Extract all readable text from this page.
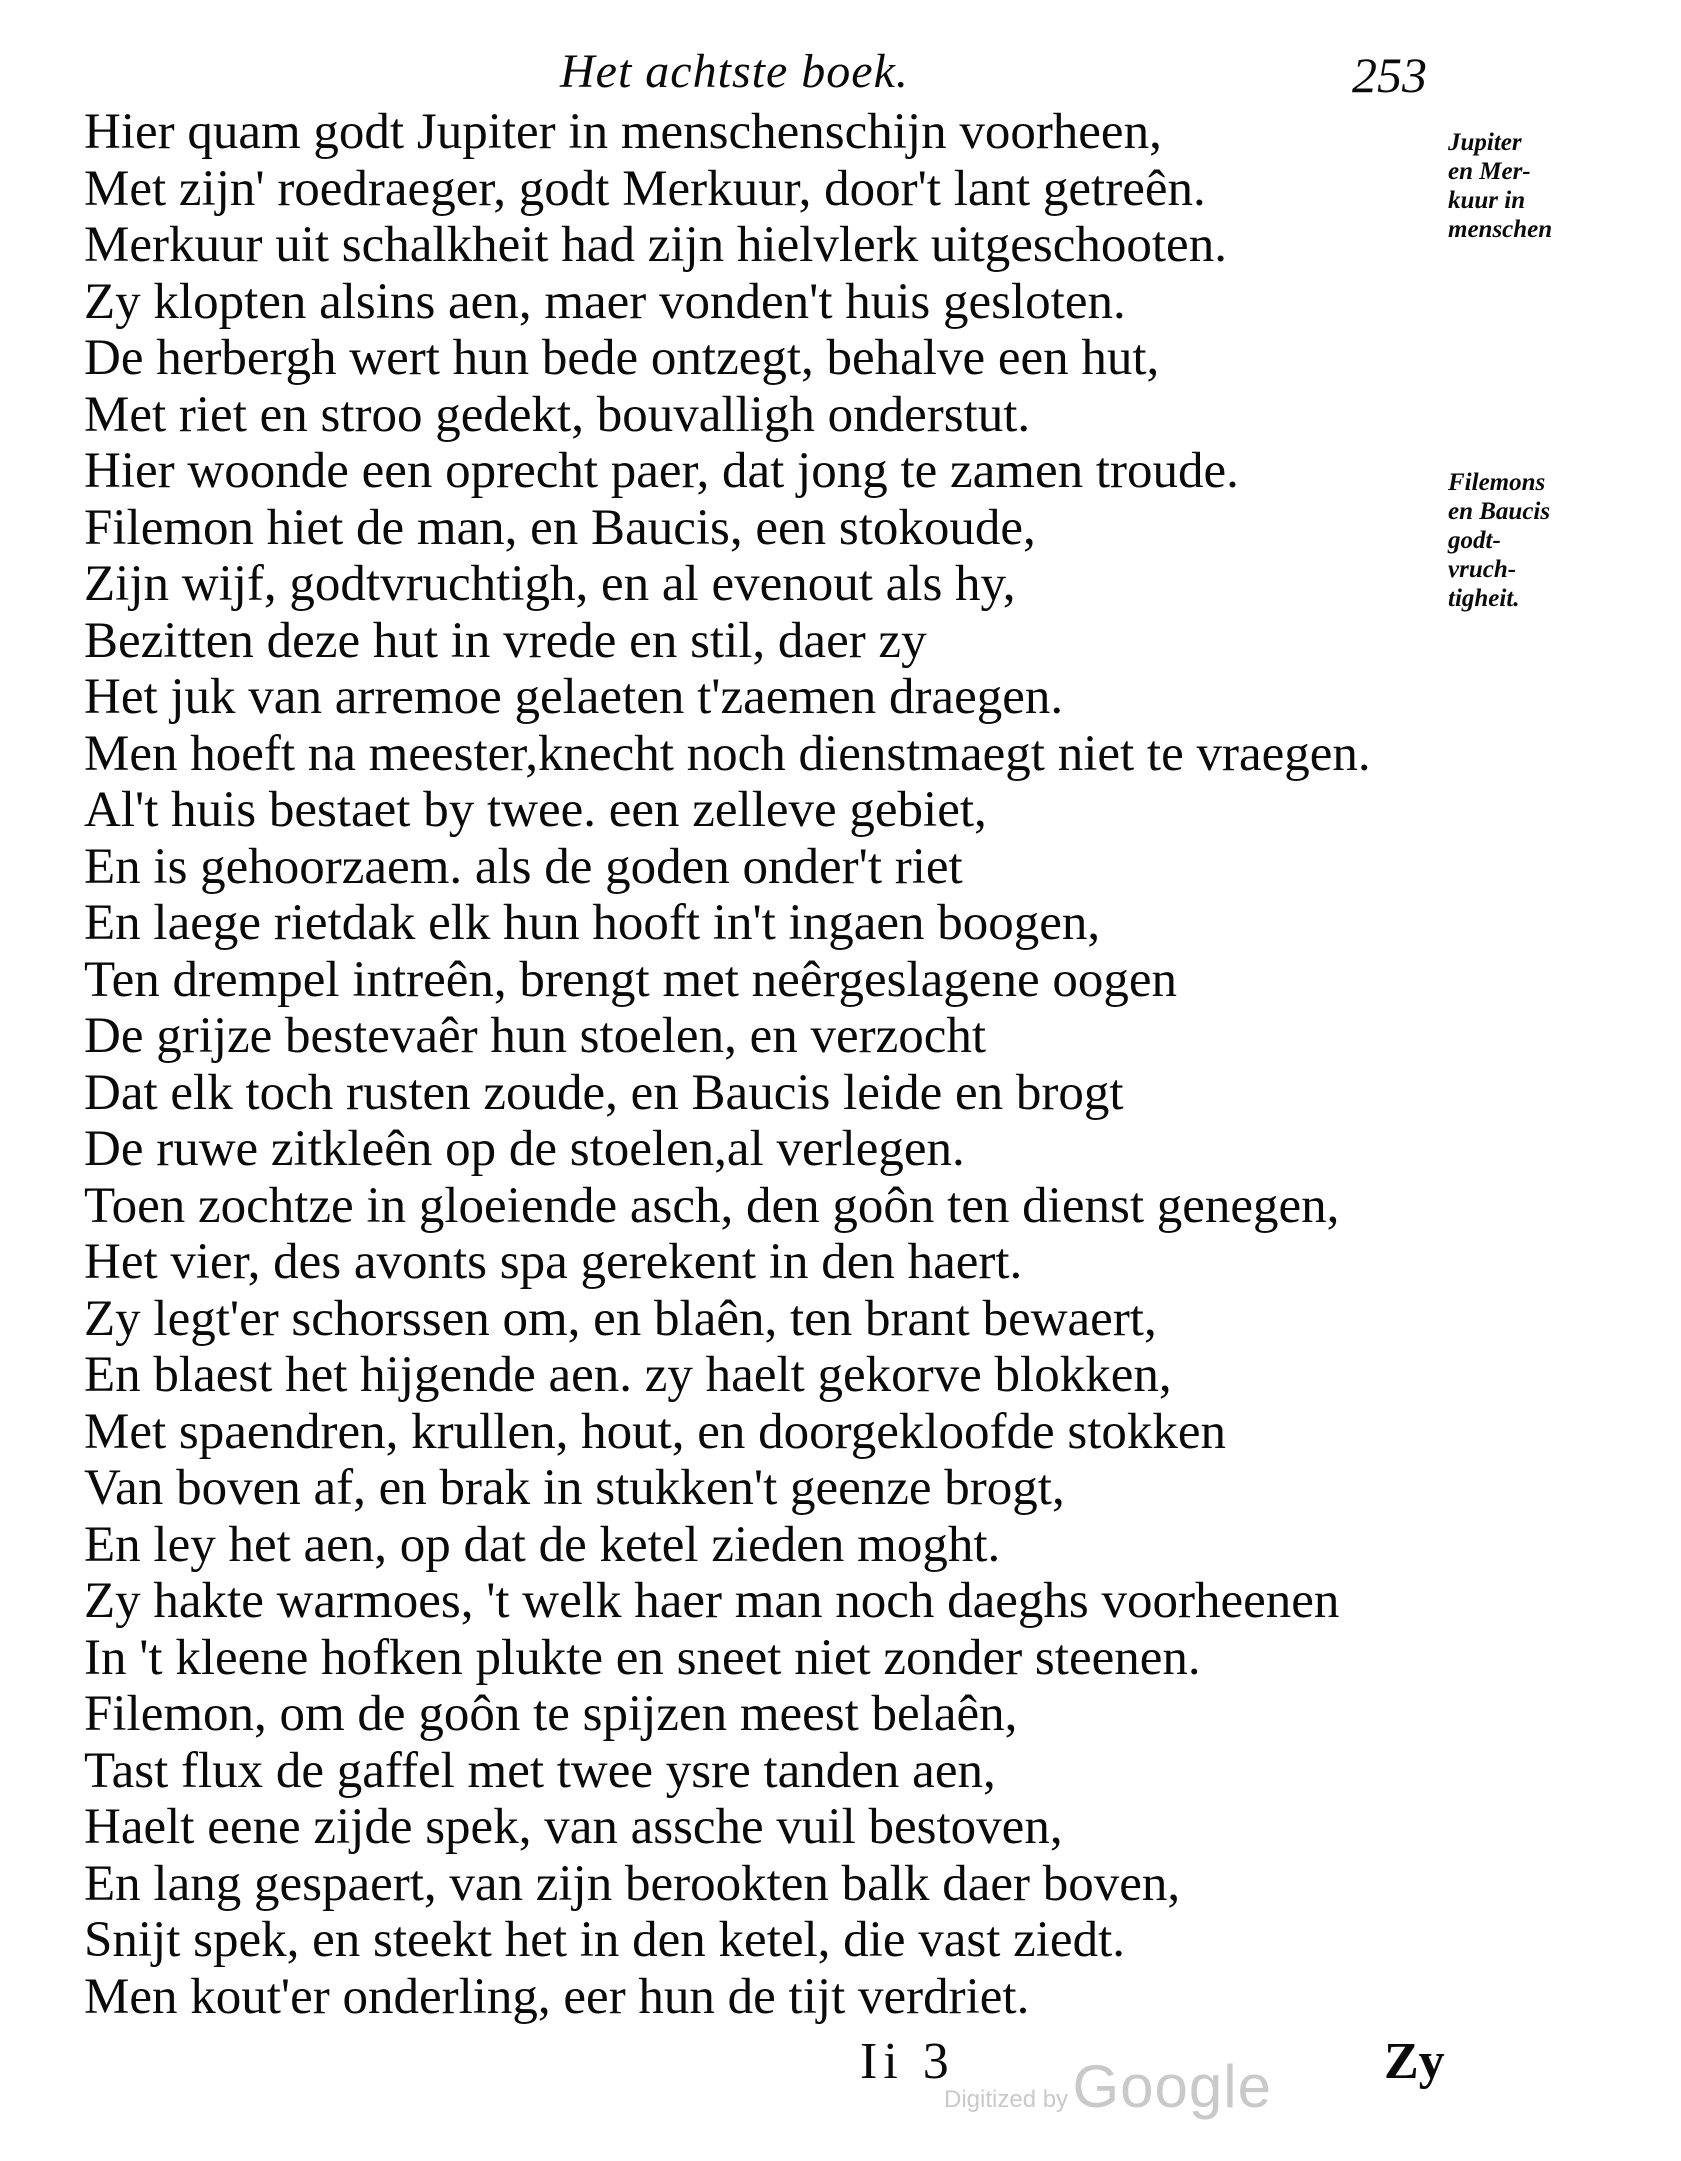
Het achtste boek.	253
Hier quam godt Jupiter in menschenschijn voorheen,
Met zijn' roedraeger, godt Merkuur, door't lant getreên.
Merkuur uit schalkheit had zijn hielvlerk uitgeschooten.
Zy klopten alsins aen, maer vonden't huis gesloten.
De herbergh wert hun bede ontzegt, behalve een hut,
Met riet en stroo gedekt, bouvalligh onderstut.
Hier woonde een oprecht paer, dat jong te zamen troude.
Filemon hiet de man, en Baucis, een stokoude,
Zijn wijf, godtvruchtigh, en al evenout als hy,
Bezitten deze hut in vrede en stil, daer zy
Het juk van arremoe gelaeten t'zaemen draegen.
Men hoeft na meester,knecht noch dienstmaegt niet te vraegen.
Al't huis bestaet by twee. een zelleve gebiet,
En is gehoorzaem. als de goden onder't riet
En laege rietdak elk hun hooft in't ingaen boogen,
Ten drempel intreên, brengt met neêrgeslagene oogen
De grijze bestevaêr hun stoelen, en verzocht
Dat elk toch rusten zoude, en Baucis leide en brogt
De ruwe zitkleên op de stoelen,al verlegen.
Toen zochtze in gloeiende asch, den goôn ten dienst genegen,
Het vier, des avonts spa gerekent in den haert.
Zy legt'er schorssen om, en blaên, ten brant bewaert,
En blaest het hijgende aen. zy haelt gekorve blokken,
Met spaendren, krullen, hout, en doorgekloofde stokken
Van boven af, en brak in stukken't geenze brogt,
En ley het aen, op dat de ketel zieden moght.
Zy hakte warmoes, 't welk haer man noch daeghs voorheenen
In 't kleene hofken plukte en sneet niet zonder steenen.
Filemon, om de goôn te spijzen meest belaên,
Tast flux de gaffel met twee ysre tanden aen,
Haelt eene zijde spek, van assche vuil bestoven,
En lang gespaert, van zijn berookten balk daer boven,
Snijt spek, en steekt het in den ketel, die vast ziedt.
Men kout'er onderling, eer hun de tijt verdriet.
Jupiter
en Mer-
kuur in
menschen
Filemons
en Baucis
godt-
vruch-
tigheit.
Ii 3	Zy
Digitized by Google
